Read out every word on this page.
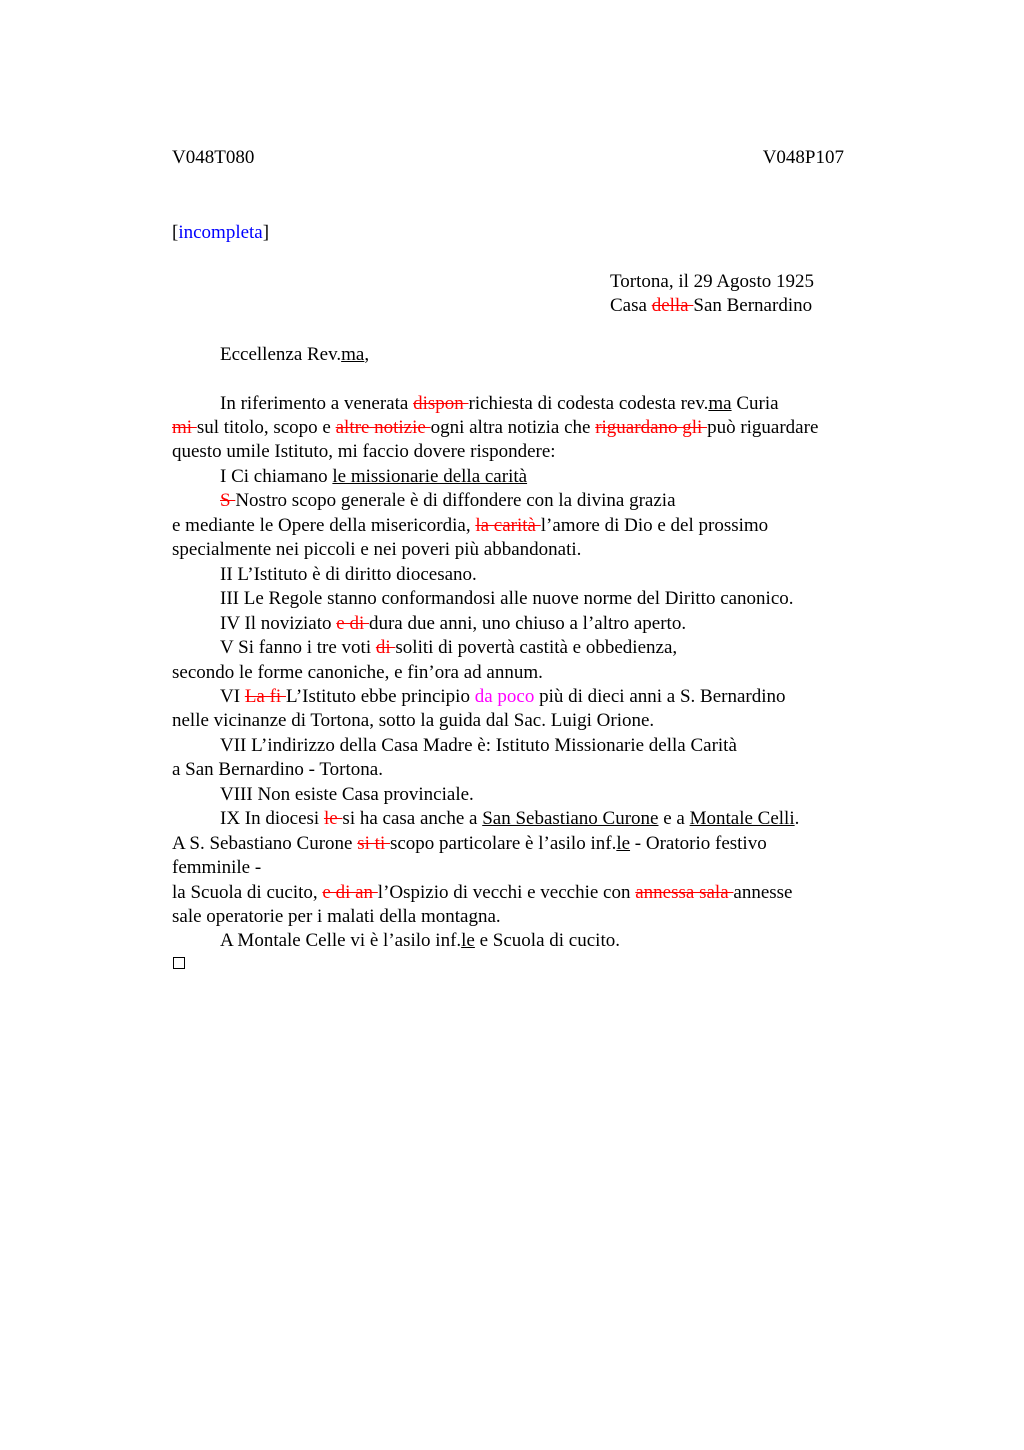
V048T080	V048P107
[incompleta]
Tortona, il 29 Agosto 1925
Casa della San Bernardino
Eccellenza Rev.ma,
In riferimento a venerata dispon richiesta di codesta codesta rev.ma Curia
mi sul titolo, scopo e altre notizie ogni altra notizia che riguardano gli può riguardare
questo umile Istituto, mi faccio dovere rispondere:
I Ci chiamano le missionarie della carità
S Nostro scopo generale è di diffondere con la divina grazia
e mediante le Opere della misericordia, la carità l’amore di Dio e del prossimo
specialmente nei piccoli e nei poveri più abbandonati.
II L’Istituto è di diritto diocesano.
III Le Regole stanno conformandosi alle nuove norme del Diritto canonico.
IV Il noviziato e di dura due anni, uno chiuso a l’altro aperto.
V Si fanno i tre voti di soliti di povertà castità e obbedienza,
secondo le forme canoniche, e fin’ora ad annum.
VI La fi L’Istituto ebbe principio da poco più di dieci anni a S. Bernardino
nelle vicinanze di Tortona, sotto la guida dal Sac. Luigi Orione.
VII L’indirizzo della Casa Madre è: Istituto Missionarie della Carità
a San Bernardino - Tortona.
VIII Non esiste Casa provinciale.
IX In diocesi le si ha casa anche a San Sebastiano Curone e a Montale Celli.
A S. Sebastiano Curone si ti scopo particolare è l’asilo inf.le - Oratorio festivo
femminile -
la Scuola di cucito, e di an l’Ospizio di vecchi e vecchie con annessa sala annesse
sale operatorie per i malati della montagna.
A Montale Celle vi è l’asilo inf.le e Scuola di cucito.
